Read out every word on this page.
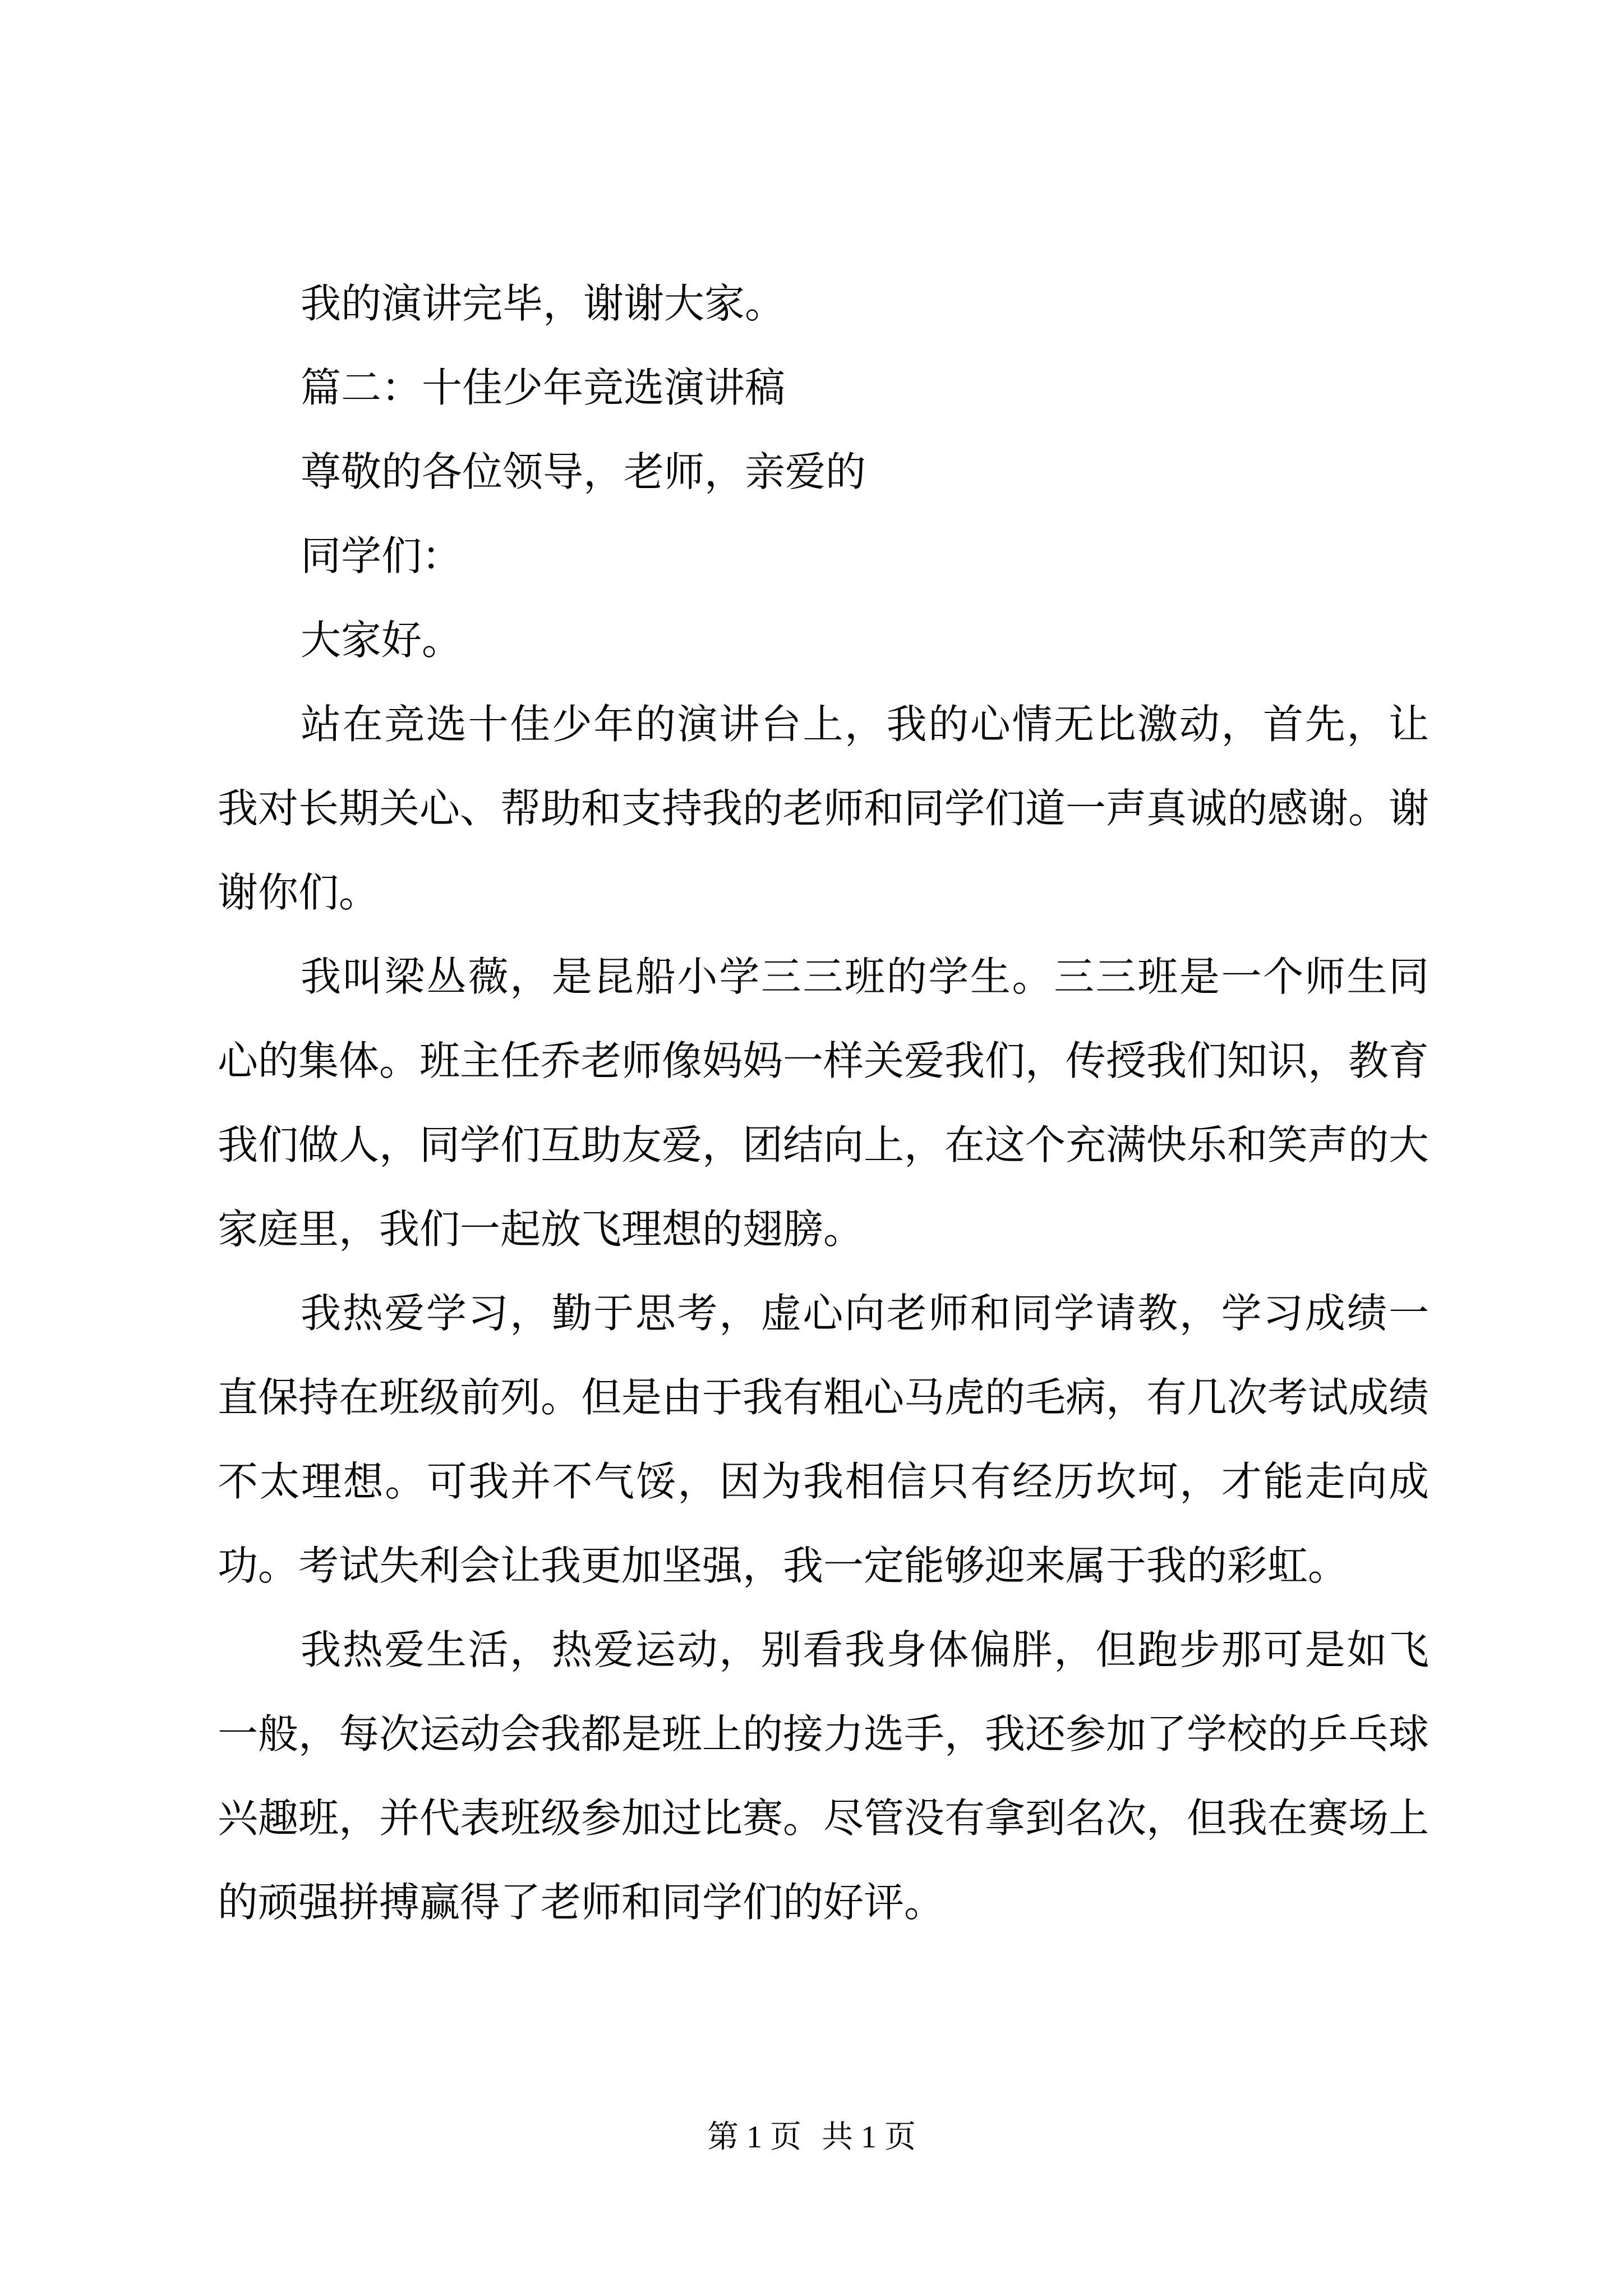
我的演讲完毕，谢谢大家。
篇二：十佳少年竞选演讲稿
尊敬的各位领导，老师，亲爱的
同学们：
大家好。

站在竞选十佳少年的演讲台上，我的心情无比激动，首先，让我对长期关心、帮助和支持我的老师和同学们道一声真诚的感谢。谢谢你们。

我叫梁丛薇，是昆船小学三三班的学生。三三班是一个师生同心的集体。班主任乔老师像妈妈一样关爱我们，传授我们知识，教育我们做人，同学们互助友爱，团结向上，在这个充满快乐和笑声的大家庭里，我们一起放飞理想的翅膀。

我热爱学习，勤于思考，虚心向老师和同学请教，学习成绩一直保持在班级前列。但是由于我有粗心马虎的毛病，有几次考试成绩不太理想。可我并不气馁，因为我相信只有经历坎坷，才能走向成功。考试失利会让我更加坚强，我一定能够迎来属于我的彩虹。

我热爱生活，热爱运动，别看我身体偏胖，但跑步那可是如飞一般，每次运动会我都是班上的接力选手，我还参加了学校的乒乓球兴趣班，并代表班级参加过比赛。尽管没有拿到名次，但我在赛场上的顽强拼搏赢得了老师和同学们的好评。

第 1 页 共 1 页
